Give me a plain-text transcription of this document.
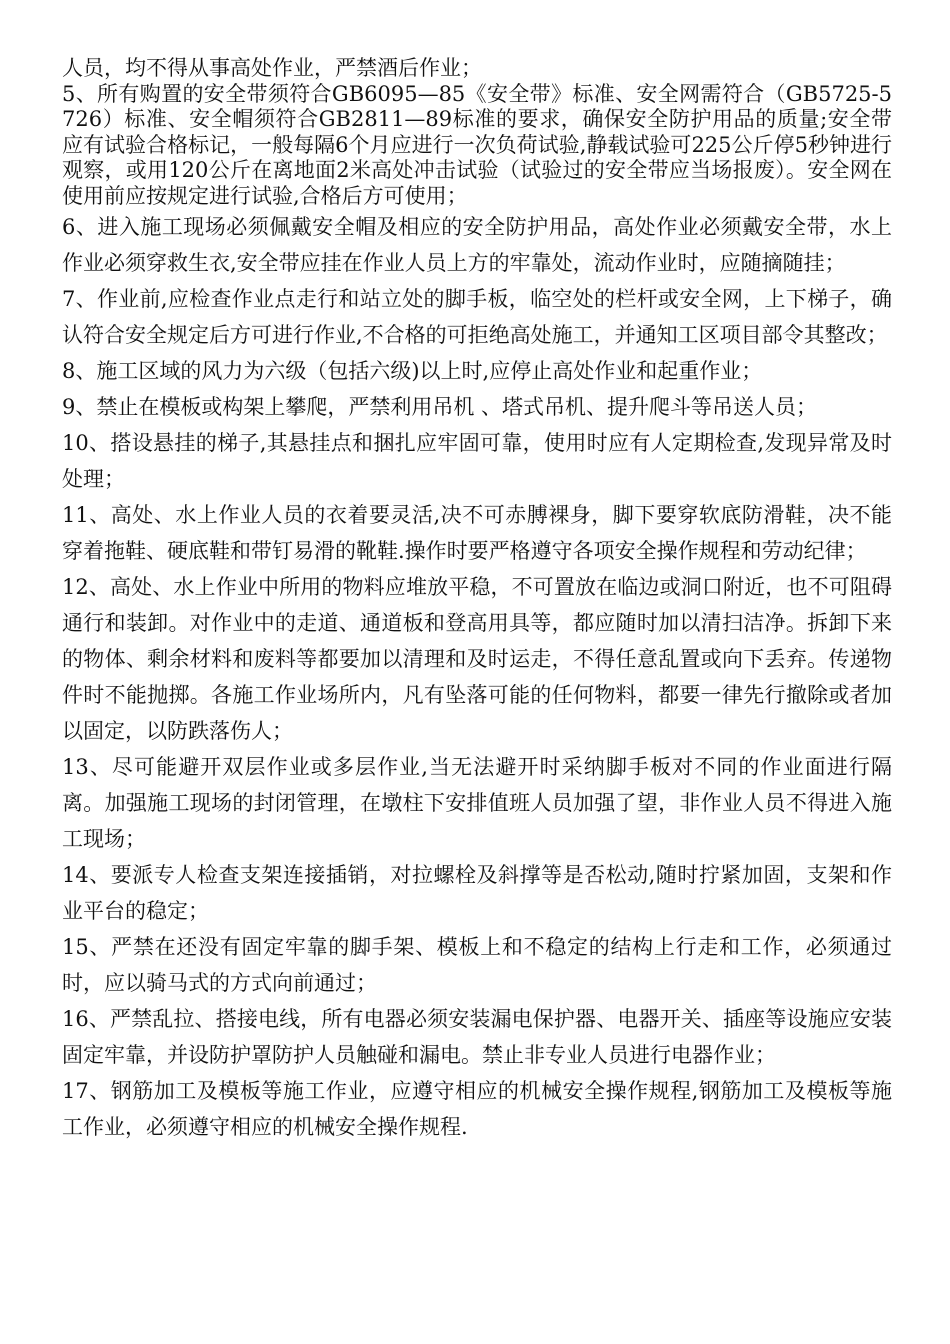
人员，均不得从事高处作业，严禁酒后作业；

5、所有购置的安全带须符合GB6095—85《安全带》标准、安全网需符合（GB5725-5726）标准、安全帽须符合GB2811—89标准的要求，确保安全防护用品的质量;安全带应有试验合格标记，一般每隔6个月应进行一次负荷试验,静载试验可225公斤停5秒钟进行观察，或用120公斤在离地面2米高处冲击试验（试验过的安全带应当场报废）。安全网在使用前应按规定进行试验,合格后方可使用；

6、进入施工现场必须佩戴安全帽及相应的安全防护用品，高处作业必须戴安全带，水上作业必须穿救生衣,安全带应挂在作业人员上方的牢靠处，流动作业时，应随摘随挂；

7、作业前,应检查作业点走行和站立处的脚手板，临空处的栏杆或安全网，上下梯子，确认符合安全规定后方可进行作业,不合格的可拒绝高处施工，并通知工区项目部令其整改；

8、施工区域的风力为六级（包括六级)以上时,应停止高处作业和起重作业；

9、禁止在模板或构架上攀爬，严禁利用吊机 、塔式吊机、提升爬斗等吊送人员；

10、搭设悬挂的梯子,其悬挂点和捆扎应牢固可靠，使用时应有人定期检查,发现异常及时处理；

11、高处、水上作业人员的衣着要灵活,决不可赤膊裸身，脚下要穿软底防滑鞋，决不能穿着拖鞋、硬底鞋和带钉易滑的靴鞋.操作时要严格遵守各项安全操作规程和劳动纪律；

12、高处、水上作业中所用的物料应堆放平稳，不可置放在临边或洞口附近，也不可阻碍通行和装卸。对作业中的走道、通道板和登高用具等，都应随时加以清扫洁净。拆卸下来的物体、剩余材料和废料等都要加以清理和及时运走，不得任意乱置或向下丢弃。传递物件时不能抛掷。各施工作业场所内，凡有坠落可能的任何物料，都要一律先行撤除或者加以固定，以防跌落伤人；

13、尽可能避开双层作业或多层作业,当无法避开时采纳脚手板对不同的作业面进行隔离。加强施工现场的封闭管理，在墩柱下安排值班人员加强了望，非作业人员不得进入施工现场；

14、要派专人检查支架连接插销，对拉螺栓及斜撑等是否松动,随时拧紧加固，支架和作业平台的稳定；

15、严禁在还没有固定牢靠的脚手架、模板上和不稳定的结构上行走和工作，必须通过时，应以骑马式的方式向前通过；

16、严禁乱拉、搭接电线，所有电器必须安装漏电保护器、电器开关、插座等设施应安装固定牢靠，并设防护罩防护人员触碰和漏电。禁止非专业人员进行电器作业；

17、钢筋加工及模板等施工作业，应遵守相应的机械安全操作规程,钢筋加工及模板等施工作业，必须遵守相应的机械安全操作规程.
